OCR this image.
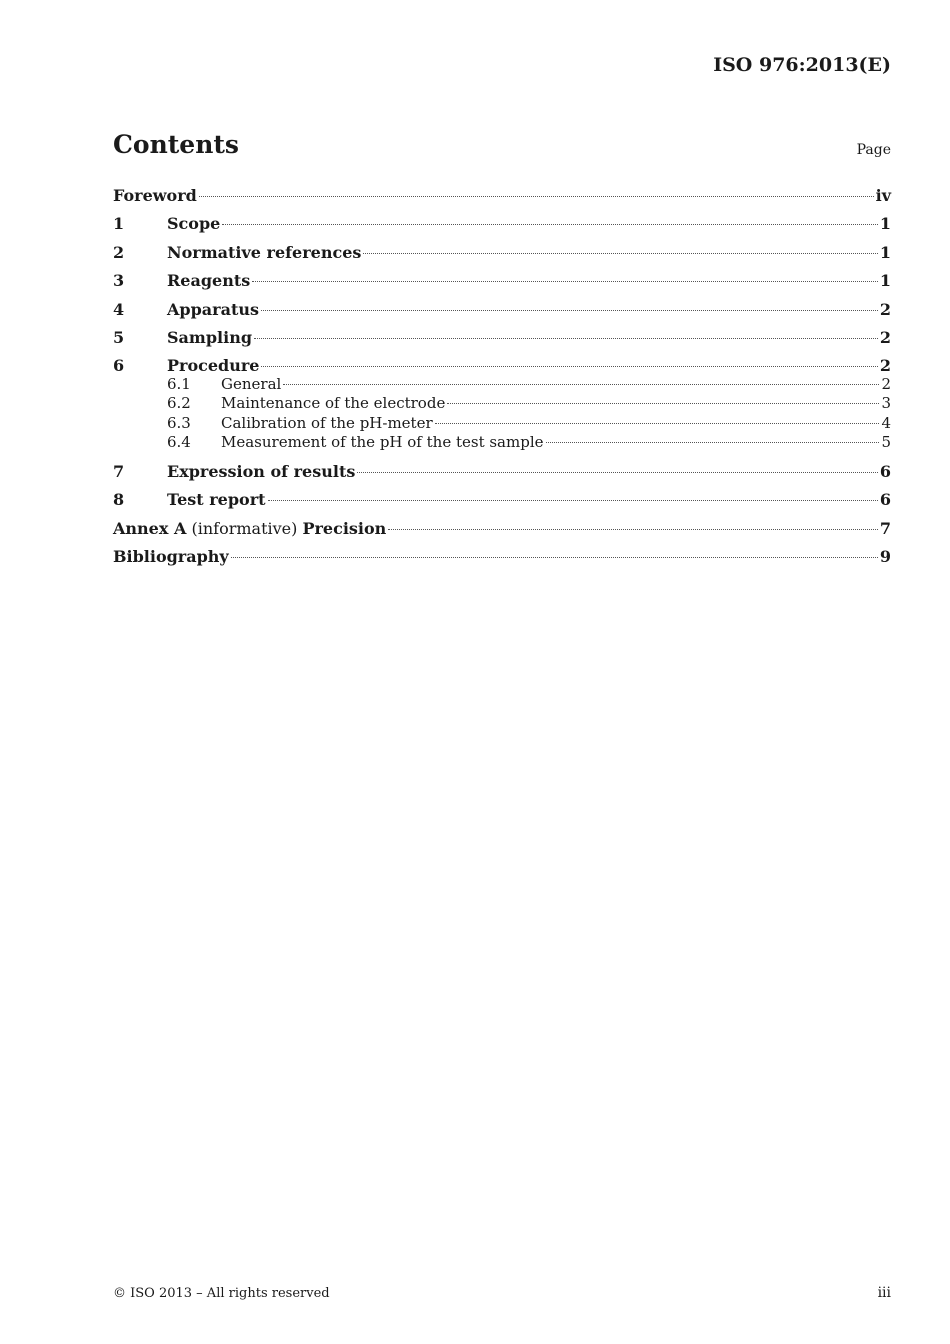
ISO 976:2013(E)
Contents	Page
Foreword	iv
1	Scope	1
2	Normative references	1
3	Reagents	1
4	Apparatus	2
5	Sampling	2
6	Procedure	2
6.1	General	2
6.2	Maintenance of the electrode	3
6.3	Calibration of the pH-meter	4
6.4	Measurement of the pH of the test sample	5
7	Expression of results	6
8	Test report	6
Annex A (informative) Precision	7
Bibliography	9
© ISO 2013 – All rights reserved	iii
